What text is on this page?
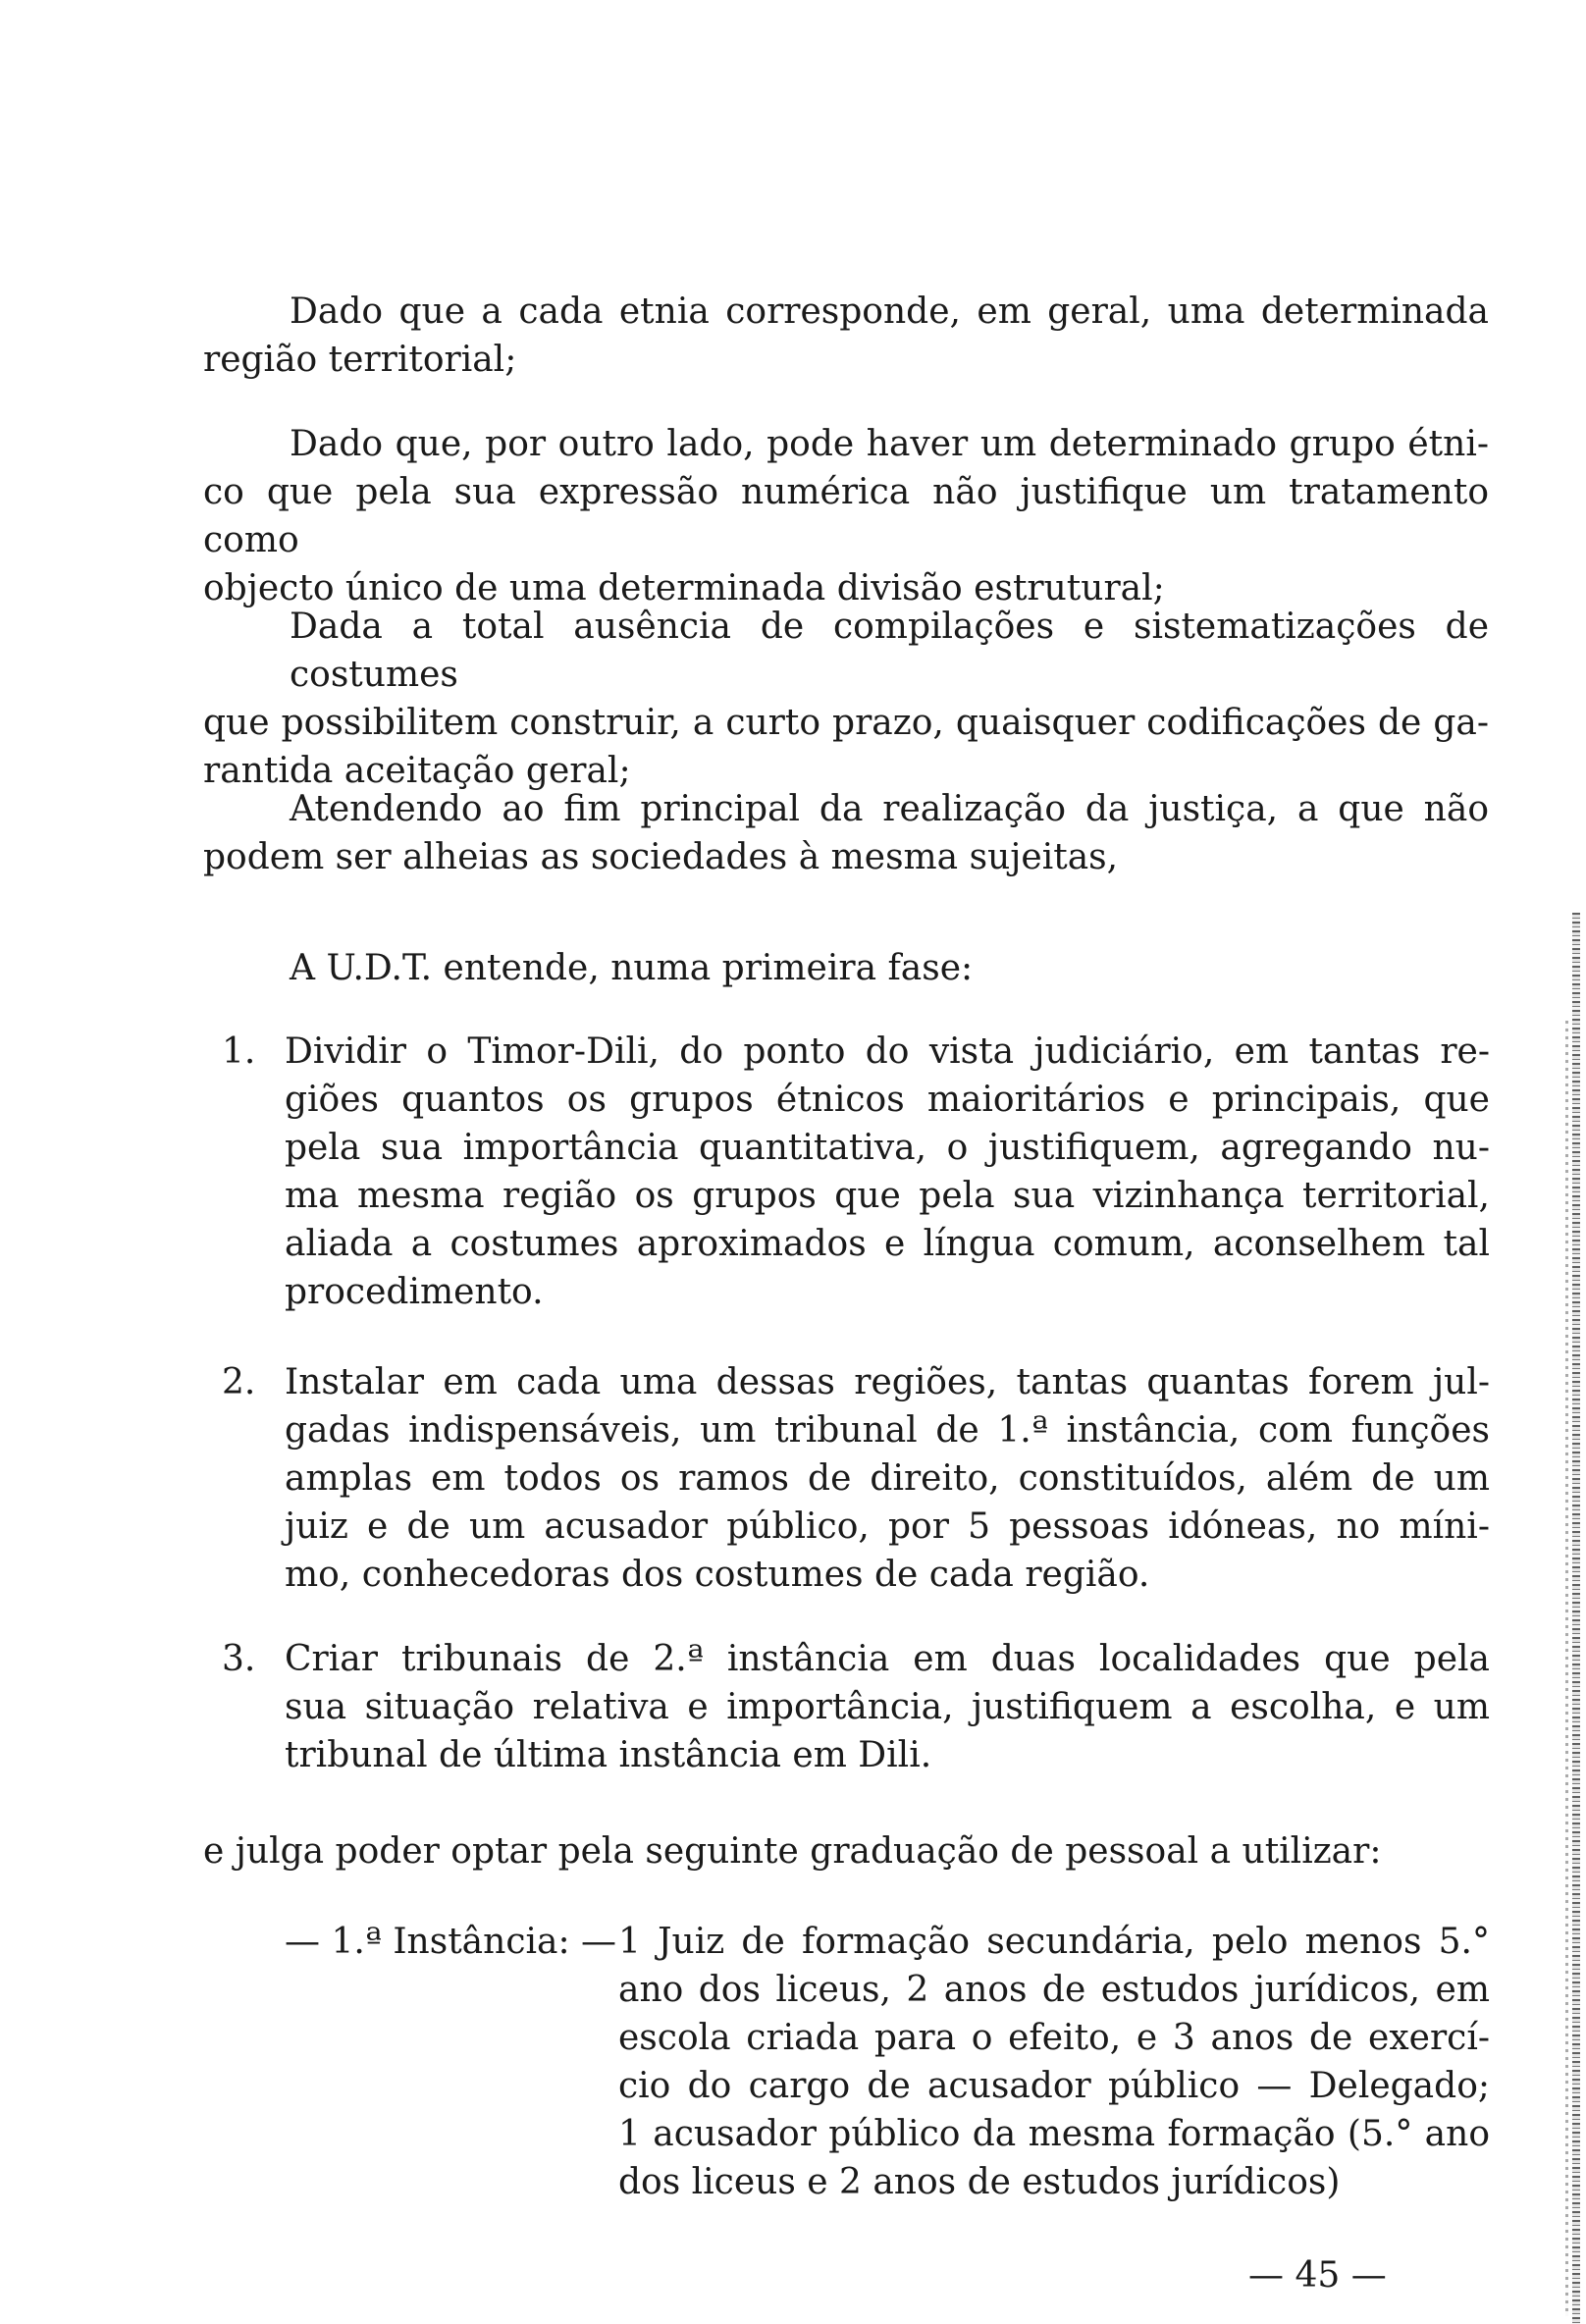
Dado que a cada etnia corresponde, em geral, uma determinada
região territorial;
Dado que, por outro lado, pode haver um determinado grupo étni-
co que pela sua expressão numérica não justifique um tratamento como
objecto único de uma determinada divisão estrutural;
Dada a total ausência de compilações e sistematizações de costumes
que possibilitem construir, a curto prazo, quaisquer codificações de ga-
rantida aceitação geral;
Atendendo ao fim principal da realização da justiça, a que não
podem ser alheias as sociedades à mesma sujeitas,
A U.D.T. entende, numa primeira fase:
1. Dividir o Timor-Dili, do ponto do vista judiciário, em tantas re-
giões quantos os grupos étnicos maioritários e principais, que
pela sua importância quantitativa, o justifiquem, agregando nu-
ma mesma região os grupos que pela sua vizinhança territorial,
aliada a costumes aproximados e língua comum, aconselhem tal
procedimento.
2. Instalar em cada uma dessas regiões, tantas quantas forem jul-
gadas indispensáveis, um tribunal de 1.ª instância, com funções
amplas em todos os ramos de direito, constituídos, além de um
juiz e de um acusador público, por 5 pessoas idóneas, no míni-
mo, conhecedoras dos costumes de cada região.
3. Criar tribunais de 2.ª instância em duas localidades que pela
sua situação relativa e importância, justifiquem a escolha, e um
tribunal de última instância em Dili.
e julga poder optar pela seguinte graduação de pessoal a utilizar:
— 1.ª Instância: — 1 Juiz de formação secundária, pelo menos 5.°
ano dos liceus, 2 anos de estudos jurídicos, em
escola criada para o efeito, e 3 anos de exercí-
cio do cargo de acusador público — Delegado;
1 acusador público da mesma formação (5.° ano
dos liceus e 2 anos de estudos jurídicos)
— 45 —
